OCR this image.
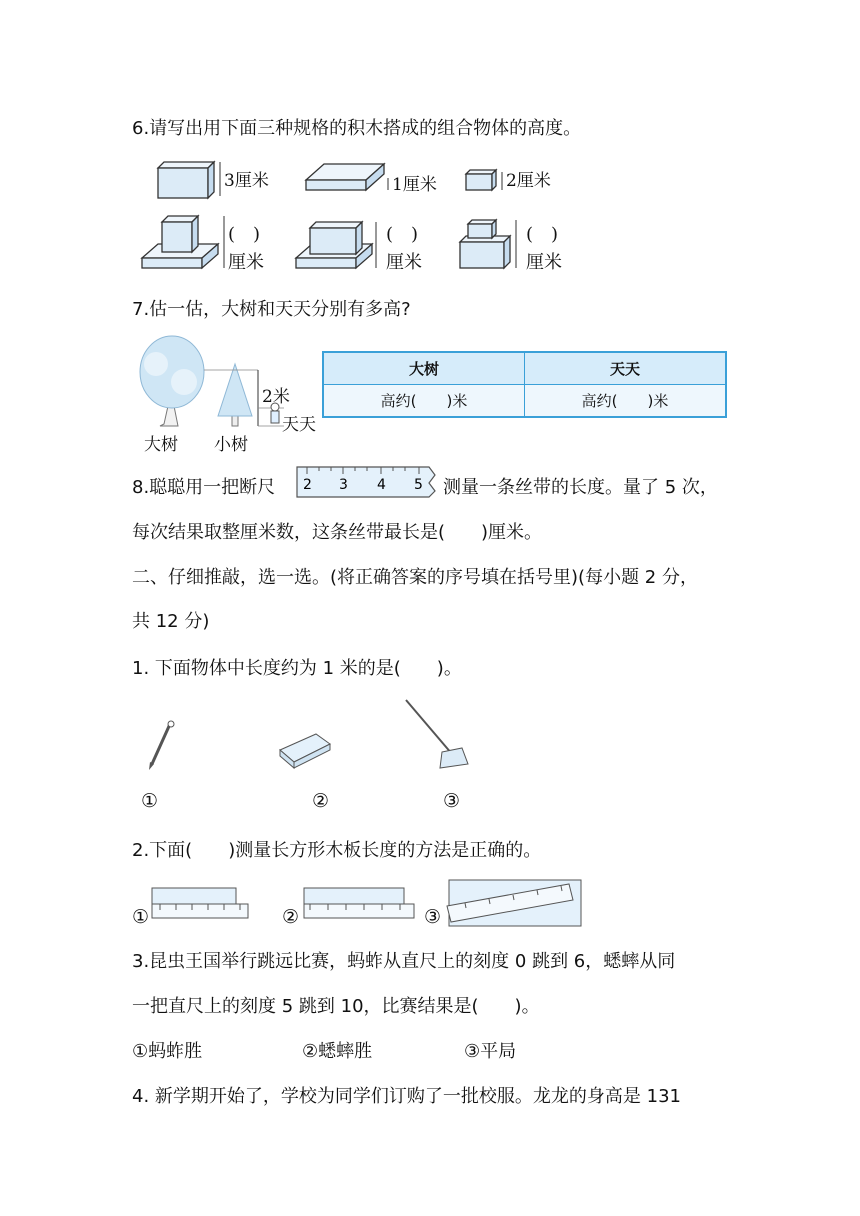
6.请写出用下面三种规格的积木搭成的组合物体的高度。
3厘米	1厘米	2厘米
(　)
厘米
(　)
厘米
(　)
厘米
7.估一估，大树和天天分别有多高?
2米
天天
大树 小树
大树	天天
高约(　　)米	高约(　　)米
8.聪聪用一把断尺 2 3 4 5 测量一条丝带的长度。量了 5 次，
每次结果取整厘米数，这条丝带最长是(　　)厘米。
二、仔细推敲，选一选。(将正确答案的序号填在括号里)(每小题 2 分，
共 12 分)
1. 下面物体中长度约为 1 米的是(　　)。
①	②	③
2.下面(　　)测量长方形木板长度的方法是正确的。
①	②	③
3.昆虫王国举行跳远比赛，蚂蚱从直尺上的刻度 0 跳到 6，蟋蟀从同
一把直尺上的刻度 5 跳到 10，比赛结果是(　　)。
①蚂蚱胜	②蟋蟀胜	③平局
4. 新学期开始了，学校为同学们订购了一批校服。龙龙的身高是 131
